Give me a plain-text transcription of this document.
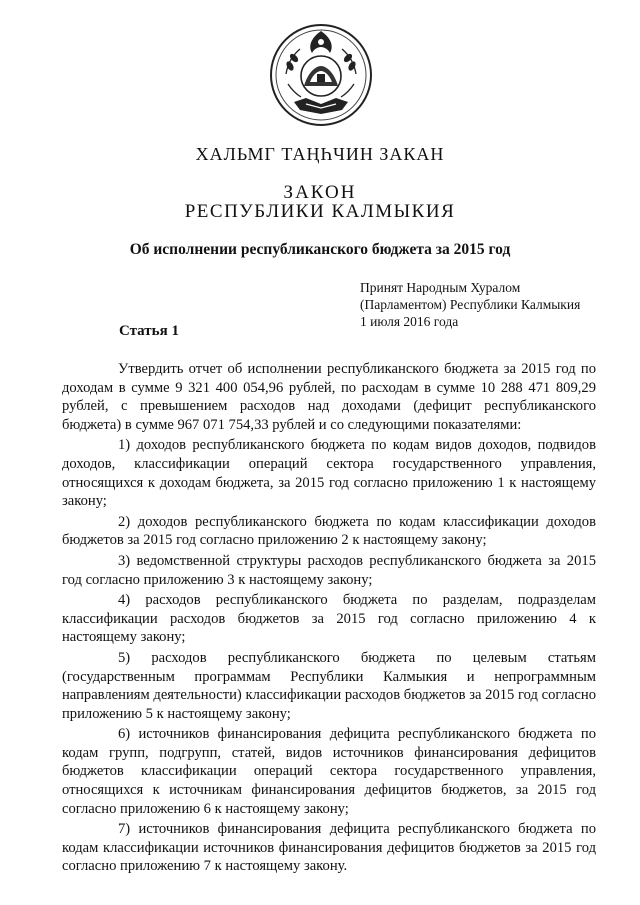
ХАЛЬМГ ТАҢҺЧИН ЗАКАН
ЗАКОН
РЕСПУБЛИКИ КАЛМЫКИЯ
Об исполнении республиканского бюджета за 2015 год
Принят Народным Хуралом
(Парламентом) Республики Калмыкия
1 июля 2016 года
Статья 1

Утвердить отчет об исполнении республиканского бюджета за 2015 год по доходам в сумме 9 321 400 054,96 рублей, по расходам в сумме 10 288 471 809,29 рублей, с превышением расходов над доходами (дефицит республиканского бюджета) в сумме 967 071 754,33 рублей и со следующими показателями:

1) доходов республиканского бюджета по кодам видов доходов, подвидов доходов, классификации операций сектора государственного управления, относящихся к доходам бюджета, за 2015 год согласно приложению 1 к настоящему закону;

2) доходов республиканского бюджета по кодам классификации доходов бюджетов за 2015 год согласно приложению 2 к настоящему закону;

3) ведомственной структуры расходов республиканского бюджета за 2015 год согласно приложению 3 к настоящему закону;

4) расходов республиканского бюджета по разделам, подразделам классификации расходов бюджетов за 2015 год согласно приложению 4 к настоящему закону;

5) расходов республиканского бюджета по целевым статьям (государственным программам Республики Калмыкия и непрограммным направлениям деятельности) классификации расходов бюджетов за 2015 год согласно приложению 5 к настоящему закону;

6) источников финансирования дефицита республиканского бюджета по кодам групп, подгрупп, статей, видов источников финансирования дефицитов бюджетов классификации операций сектора государственного управления, относящихся к источникам финансирования дефицитов бюджетов, за 2015 год согласно приложению 6 к настоящему закону;

7) источников финансирования дефицита республиканского бюджета по кодам классификации источников финансирования дефицитов бюджетов за 2015 год согласно приложению 7 к настоящему закону.
